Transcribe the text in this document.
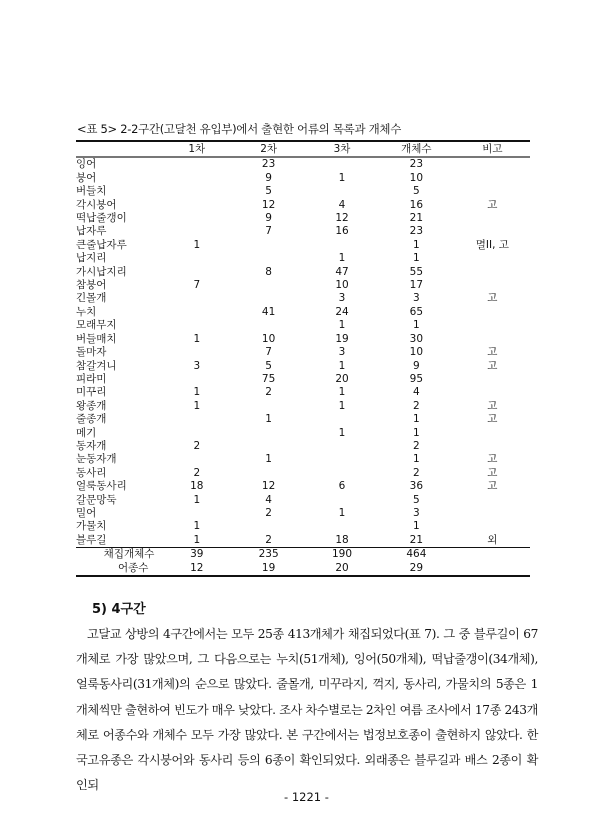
<표 5> 2-2구간(고달천 유입부)에서 출현한 어류의 목록과 개체수
	1차	2차	3차	개체수	비고
잉어		23		23	
붕어		9	1	10	
버들치		5		5	
각시붕어		12	4	16	고
떡납줄갱이		9	12	21	
납자루		7	16	23	
큰줄납자루	1			1	멸II, 고
납지리			1	1	
가시납지리		8	47	55	
참붕어	7		10	17	
긴몰개			3	3	고
누치		41	24	65	
모래무지			1	1	
버들매치	1	10	19	30	
돌마자		7	3	10	고
참갈겨니	3	5	1	9	고
피라미		75	20	95	
미꾸리	1	2	1	4	
왕종개	1		1	2	고
줄종개		1		1	고
메기			1	1	
동자개	2			2	
눈동자개		1		1	고
동사리	2			2	고
얼룩동사리	18	12	6	36	고
갈문망둑	1	4		5	
밀어		2	1	3	
가물치	1			1	
블루길	1	2	18	21	외
채집개체수	39	235	190	464	
어종수	12	19	20	29	
5) 4구간
고달교 상방의 4구간에서는 모두 25종 413개체가 채집되었다(표 7). 그 중 블루길이 67개체로 가장 많았으며, 그 다음으로는 누치(51개체), 잉어(50개체), 떡납줄갱이(34개체), 얼룩동사리(31개체)의 순으로 많았다. 줄몰개, 미꾸라지, 꺽지, 동사리, 가물치의 5종은 1개체씩만 출현하여 빈도가 매우 낮았다. 조사 차수별로는 2차인 여름 조사에서 17종 243개체로 어종수와 개체수 모두 가장 많았다. 본 구간에서는 법정보호종이 출현하지 않았다. 한국고유종은 각시붕어와 동사리 등의 6종이 확인되었다. 외래종은 블루길과 배스 2종이 확인되
- 1221 -
